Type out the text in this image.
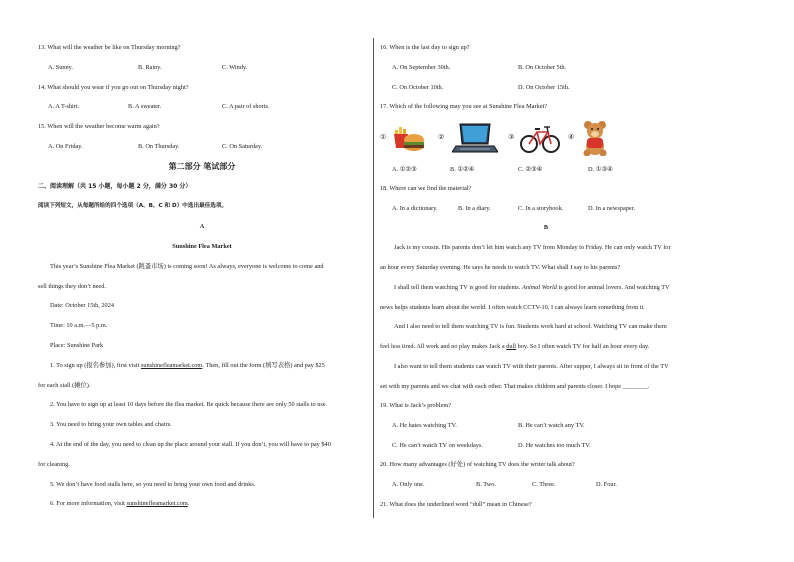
13. What will the weather be like on Thursday morning?
A. Sunny.	B. Rainy.	C. Windy.
14. What should you wear if you go out on Thursday night?
A. A T-shirt.	B. A sweater.	C. A pair of shorts.
15. When will the weather become warm again?
A. On Friday.	B. On Thursday.	C. On Saturday.
第二部分 笔试部分
二、阅读理解（共 15 小题，每小题 2 分，满分 30 分）
阅读下列短文，从每题所给的四个选项（A、B、C 和 D）中选出最佳选项。
A
Sunshine Flea Market
This year’s Sunshine Flea Market (跳蚤市场) is coming soon! As always, everyone is welcome to come and
sell things they don’t need.
Date: October 15th, 2024
Time: 10 a.m.—5 p.m.
Place: Sunshine Park
1. To sign up (报名参加), first visit sunshinefleamarket.com. Then, fill out the form (填写表格) and pay $25
for each stall (摊位).
2. You have to sign up at least 10 days before the flea market. Be quick because there are only 50 stalls to use.
3. You need to bring your own tables and chairs.
4. At the end of the day, you need to clean up the place around your stall. If you don’t, you will have to pay $40
for cleaning.
5. We don’t have food stalls here, so you need to bring your own food and drinks.
6. For more information, visit sunshinefleamarket.com.
16. When is the last day to sign up?
A. On September 30th.	B. On October 5th.
C. On October 10th.	D. On October 15th.
17. Which of the following may you see at Sunshine Flea Market?
①	②	③	④
A. ①②③	B. ①②④	C. ②③④	D. ①③④
18. Where can we find the material?
A. In a dictionary.	B. In a diary.	C. In a storybook.	D. In a newspaper.
B
Jack is my cousin. His parents don’t let him watch any TV from Monday to Friday. He can only watch TV for
an hour every Saturday evening. He says he needs to watch TV. What shall I say to his parents?
I shall tell them watching TV is good for students. Animal World is good for animal lovers. And watching TV
news helps students learn about the world. I often watch CCTV-10. I can always learn something from it.
And I also need to tell them watching TV is fun. Students work hard at school. Watching TV can make them
feel less tired. All work and no play makes Jack a dull boy. So I often watch TV for half an hour every day.
I also want to tell them students can watch TV with their parents. After supper, I always sit in front of the TV
set with my parents and we chat with each other. That makes children and parents closer. I hope ________.
19. What is Jack’s problem?
A. He hates watching TV.	B. He can’t watch any TV.
C. He can’t watch TV on weekdays.	D. He watches too much TV.
20. How many advantages (好处) of watching TV does the writer talk about?
A. Only one.	B. Two.	C. Three.	D. Four.
21. What does the underlined word “dull” mean in Chinese?
